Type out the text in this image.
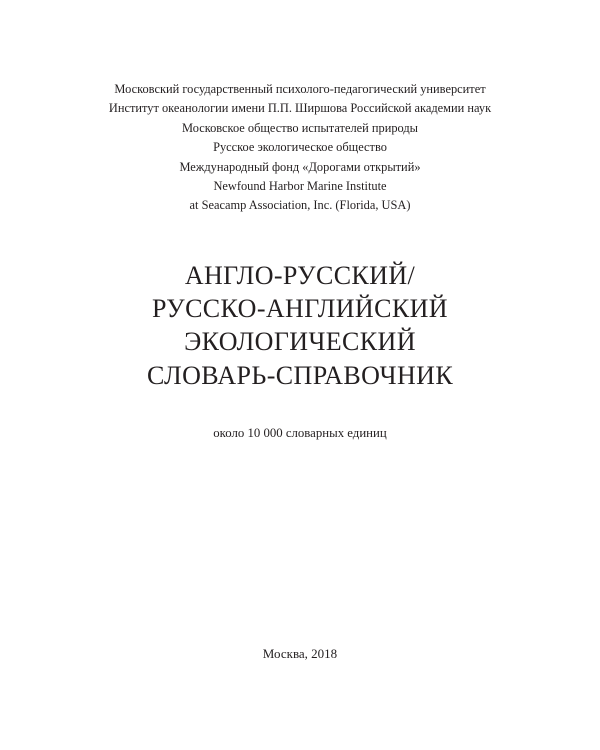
Московский государственный психолого-педагогический университет
Институт океанологии имени П.П. Ширшова Российской академии наук
Московское общество испытателей природы
Русское экологическое общество
Международный фонд «Дорогами открытий»
Newfound Harbor Marine Institute
at Seacamp Association, Inc. (Florida, USA)
АНГЛО-РУССКИЙ/
РУССКО-АНГЛИЙСКИЙ
ЭКОЛОГИЧЕСКИЙ
СЛОВАРЬ-СПРАВОЧНИК
около 10 000 словарных единиц
Москва, 2018
